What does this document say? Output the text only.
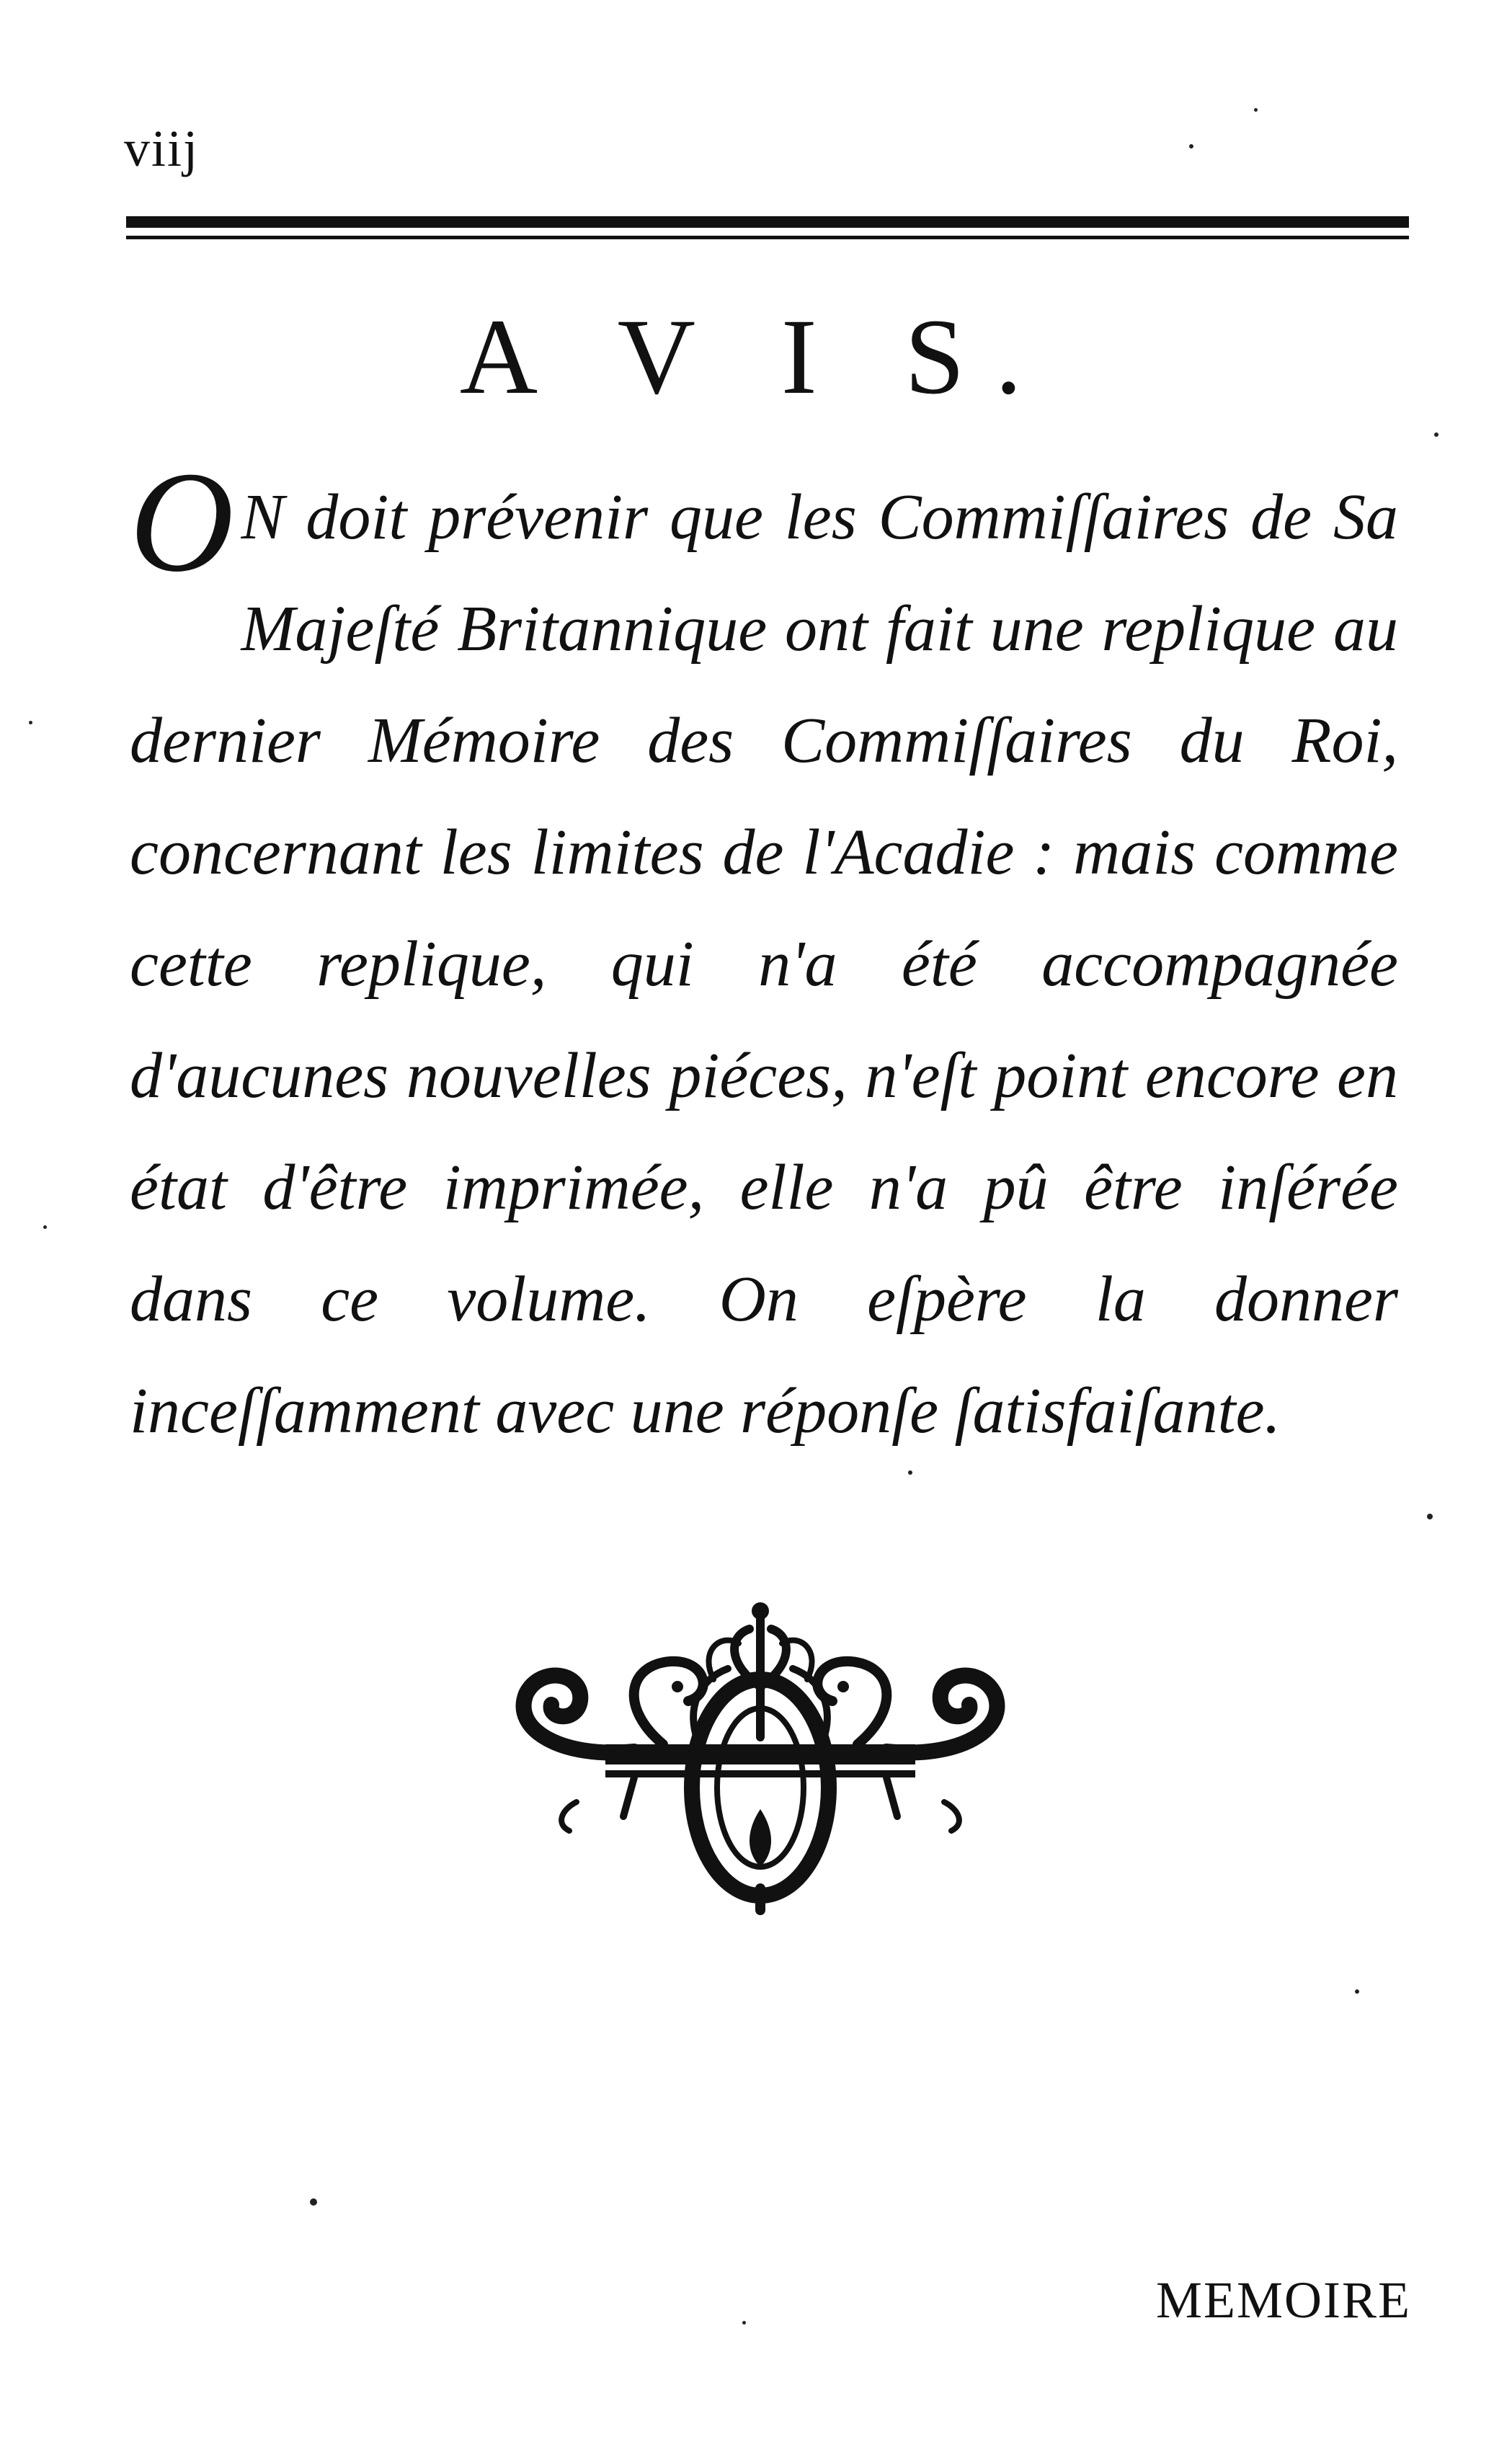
viij
A V I S.
O N doit prévenir que les Commiſſaires de Sa Majeſté Britannique ont fait une replique au dernier Mémoire des Commiſſaires du Roi, concernant les limites de l'Acadie : mais comme cette replique, qui n'a été accompagnée d'aucunes nouvelles piéces, n'eſt point encore en état d'être imprimée, elle n'a pû être inſérée dans ce volume. On eſpère la donner inceſſamment avec une réponſe ſatisfaiſante.
MEMOIRE
